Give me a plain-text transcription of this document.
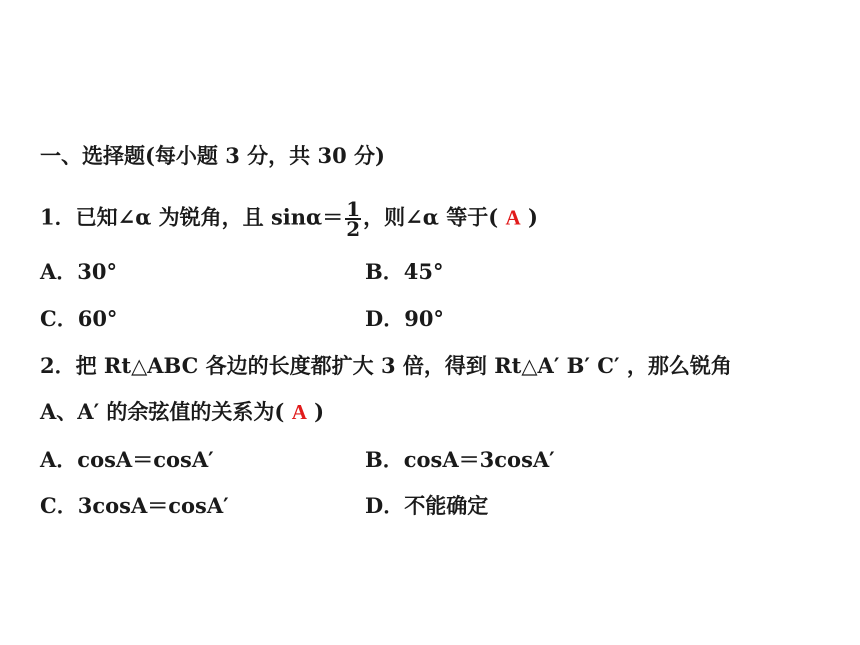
一、选择题(每小题 3 分，共 30 分)
1．已知∠α 为锐角，且 $\sin\alpha= \frac{1}{2}$ ，则∠α 等于( A )
A．30°	B．45°
C．60°	D．90°
2．把 Rt△ABC 各边的长度都扩大 3 倍，得到 Rt△A′ B′ C′ ，那么锐角
A、A′ 的余弦值的关系为( A )
A．cosA＝cosA′	B．cosA＝3cosA′
C．3cosA＝cosA′	D．不能确定
